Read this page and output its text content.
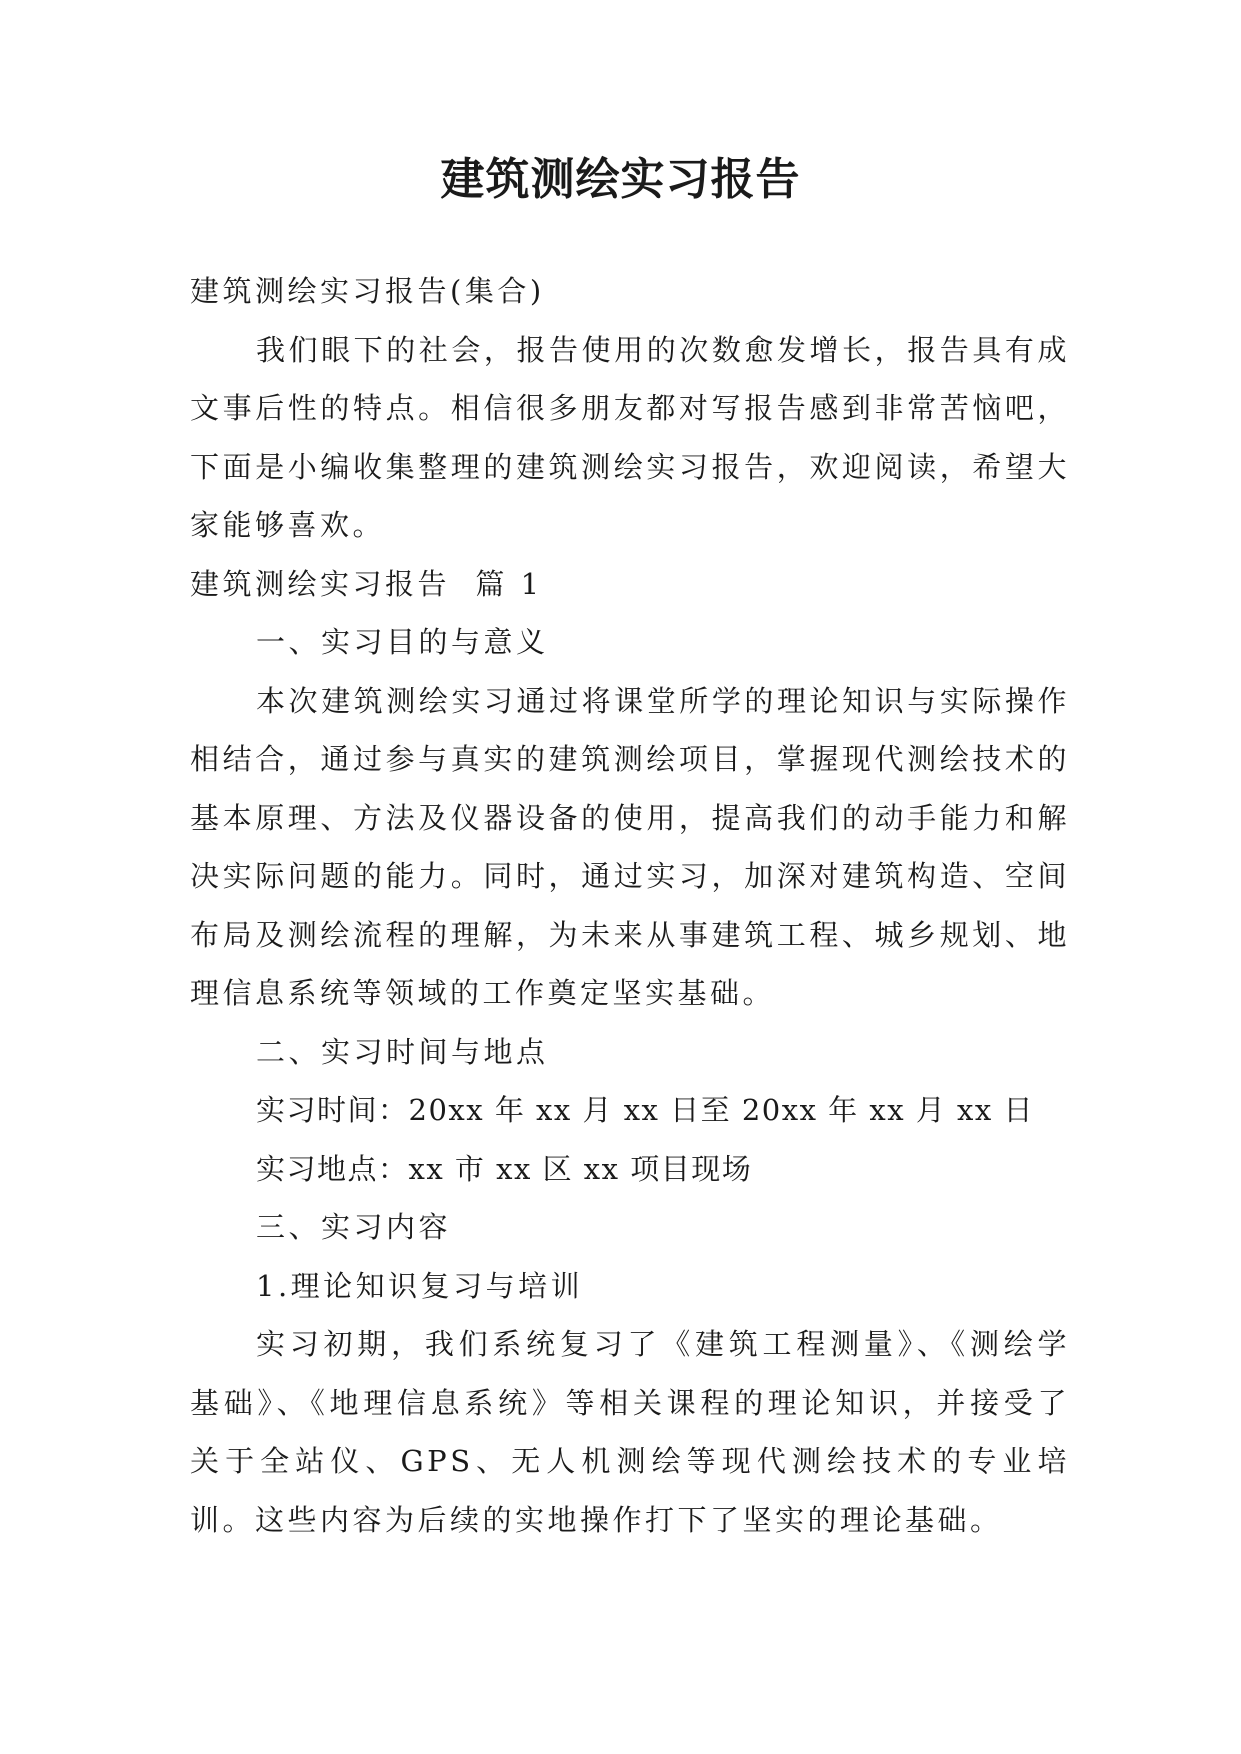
建筑测绘实习报告

建筑测绘实习报告(集合)

我们眼下的社会，报告使用的次数愈发增长，报告具有成文事后性的特点。相信很多朋友都对写报告感到非常苦恼吧，下面是小编收集整理的建筑测绘实习报告，欢迎阅读，希望大家能够喜欢。

建筑测绘实习报告  篇 1

一、实习目的与意义

本次建筑测绘实习通过将课堂所学的理论知识与实际操作相结合，通过参与真实的建筑测绘项目，掌握现代测绘技术的基本原理、方法及仪器设备的使用，提高我们的动手能力和解决实际问题的能力。同时，通过实习，加深对建筑构造、空间布局及测绘流程的理解，为未来从事建筑工程、城乡规划、地理信息系统等领域的工作奠定坚实基础。

二、实习时间与地点

实习时间：20xx 年 xx 月 xx 日至 20xx 年 xx 月 xx 日

实习地点：xx 市 xx 区 xx 项目现场

三、实习内容

1.理论知识复习与培训

实习初期，我们系统复习了《建筑工程测量》、《测绘学基础》、《地理信息系统》等相关课程的理论知识，并接受了关于全站仪、GPS、无人机测绘等现代测绘技术的专业培训。这些内容为后续的实地操作打下了坚实的理论基础。
